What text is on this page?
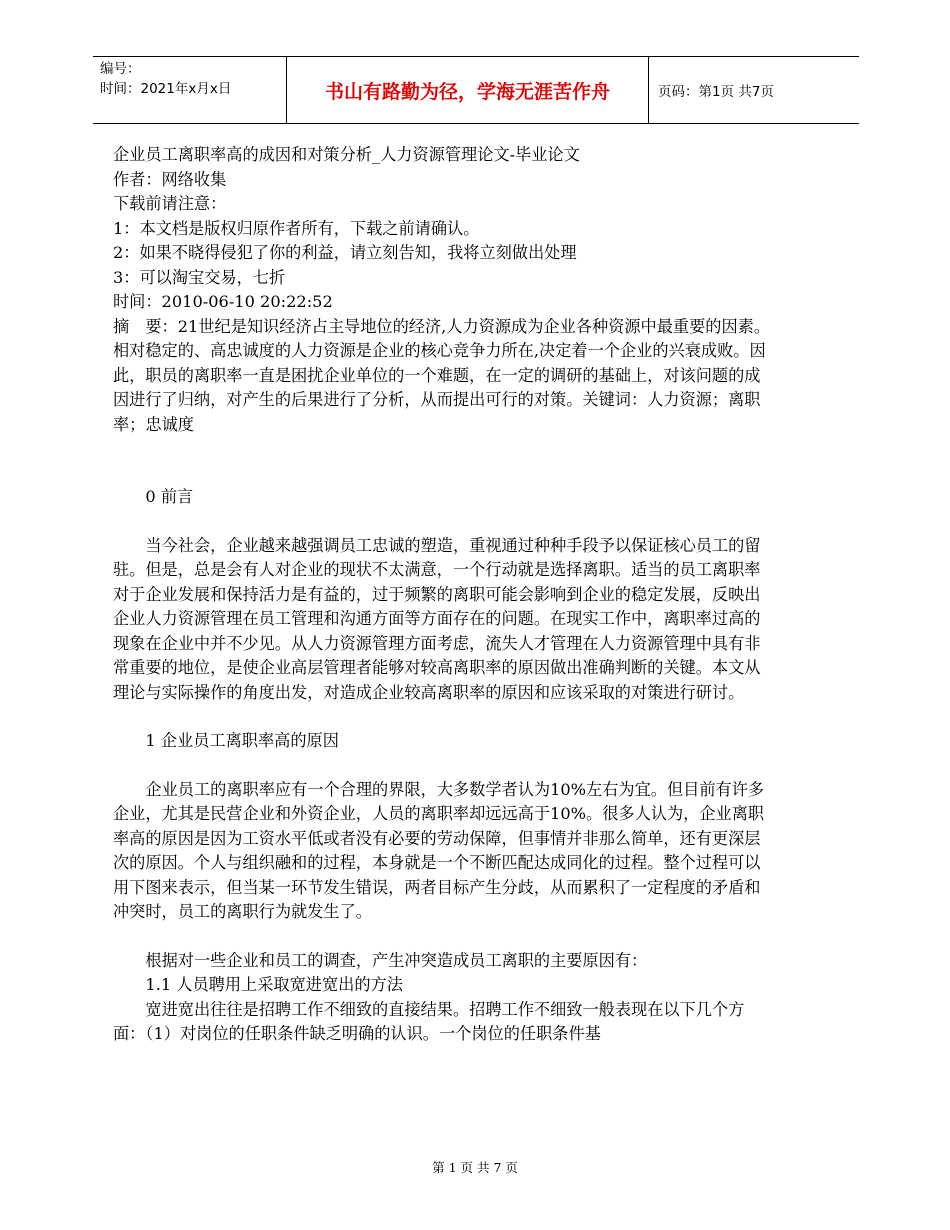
编号：
时间：2021年x月x日	书山有路勤为径，学海无涯苦作舟	页码：第1页 共7页

企业员工离职率高的成因和对策分析_人力资源管理论文-毕业论文

作者：网络收集

下载前请注意：

1：本文档是版权归原作者所有，下载之前请确认。

2：如果不晓得侵犯了你的利益，请立刻告知，我将立刻做出处理

3：可以淘宝交易，七折

时间：2010-06-10 20:22:52

摘　要：21世纪是知识经济占主导地位的经济,人力资源成为企业各种资源中最重要的因素。相对稳定的、高忠诚度的人力资源是企业的核心竞争力所在,决定着一个企业的兴衰成败。因此，职员的离职率一直是困扰企业单位的一个难题，在一定的调研的基础上，对该问题的成因进行了归纳，对产生的后果进行了分析，从而提出可行的对策。关键词：人力资源；离职率；忠诚度

0 前言

当今社会，企业越来越强调员工忠诚的塑造，重视通过种种手段予以保证核心员工的留驻。但是，总是会有人对企业的现状不太满意，一个行动就是选择离职。适当的员工离职率对于企业发展和保持活力是有益的，过于频繁的离职可能会影响到企业的稳定发展，反映出企业人力资源管理在员工管理和沟通方面等方面存在的问题。在现实工作中，离职率过高的现象在企业中并不少见。从人力资源管理方面考虑，流失人才管理在人力资源管理中具有非常重要的地位，是使企业高层管理者能够对较高离职率的原因做出准确判断的关键。本文从理论与实际操作的角度出发，对造成企业较高离职率的原因和应该采取的对策进行研讨。

1 企业员工离职率高的原因

企业员工的离职率应有一个合理的界限，大多数学者认为10%左右为宜。但目前有许多企业，尤其是民营企业和外资企业，人员的离职率却远远高于10%。很多人认为，企业离职率高的原因是因为工资水平低或者没有必要的劳动保障，但事情并非那么简单，还有更深层次的原因。个人与组织融和的过程，本身就是一个不断匹配达成同化的过程。整个过程可以用下图来表示，但当某一环节发生错误，两者目标产生分歧，从而累积了一定程度的矛盾和冲突时，员工的离职行为就发生了。

根据对一些企业和员工的调查，产生冲突造成员工离职的主要原因有：

1.1 人员聘用上采取宽进宽出的方法

宽进宽出往往是招聘工作不细致的直接结果。招聘工作不细致一般表现在以下几个方面：（1）对岗位的任职条件缺乏明确的认识。一个岗位的任职条件基

第 1 页 共 7 页
